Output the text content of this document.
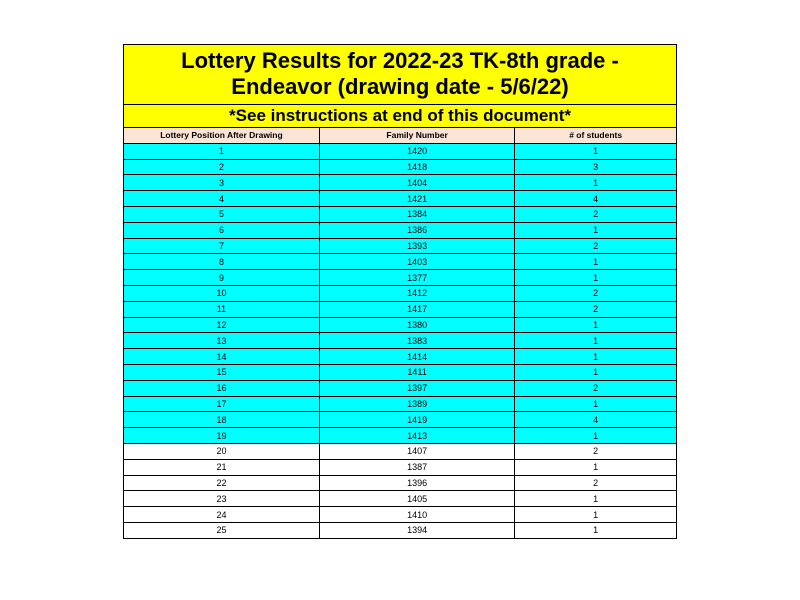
Lottery Results for 2022-23 TK-8th grade -
Endeavor (drawing date - 5/6/22)
*See instructions at end of this document*
Lottery Position After Drawing	Family Number	# of students
1	1420	1
2	1418	3
3	1404	1
4	1421	4
5	1384	2
6	1386	1
7	1393	2
8	1403	1
9	1377	1
10	1412	2
11	1417	2
12	1380	1
13	1383	1
14	1414	1
15	1411	1
16	1397	2
17	1389	1
18	1419	4
19	1413	1
20	1407	2
21	1387	1
22	1396	2
23	1405	1
24	1410	1
25	1394	1
